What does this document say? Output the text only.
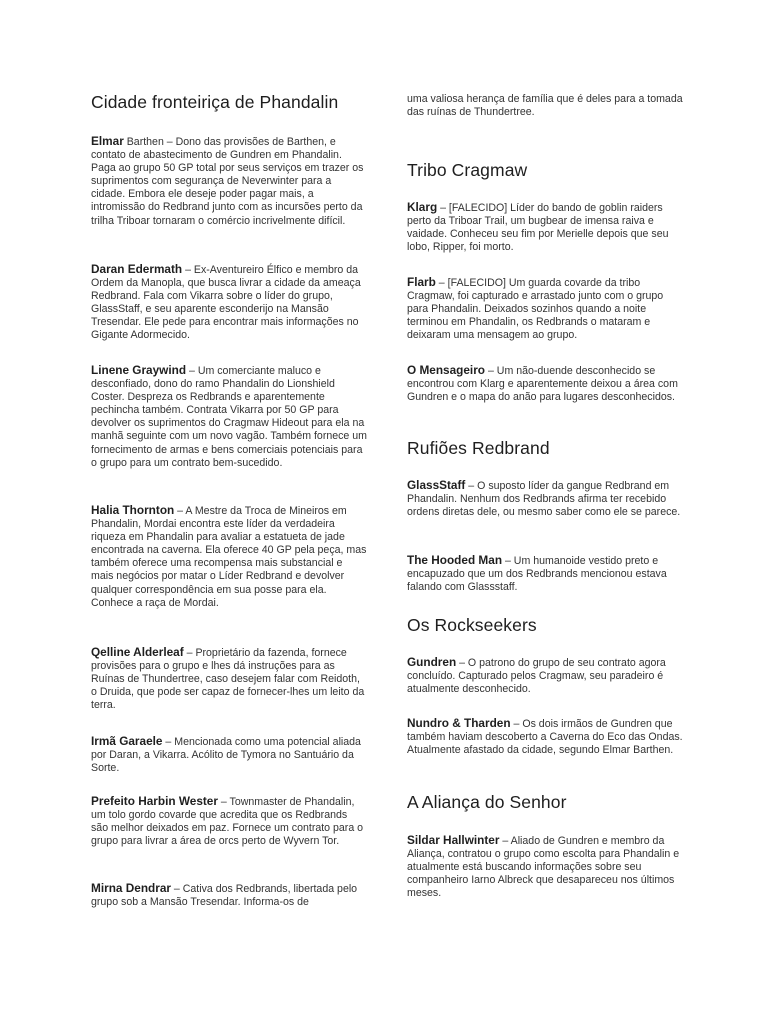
Cidade fronteiriça de Phandalin

Elmar Barthen – Dono das provisões de Barthen, e contato de abastecimento de Gundren em Phandalin. Paga ao grupo 50 GP total por seus serviços em trazer os suprimentos com segurança de Neverwinter para a cidade. Embora ele deseje poder pagar mais, a intromissão do Redbrand junto com as incursões perto da trilha Triboar tornaram o comércio incrivelmente difícil.

Daran Edermath – Ex-Aventureiro Élfico e membro da Ordem da Manopla, que busca livrar a cidade da ameaça Redbrand. Fala com Vikarra sobre o líder do grupo, GlassStaff, e seu aparente esconderijo na Mansão Tresendar. Ele pede para encontrar mais informações no Gigante Adormecido.

Linene Graywind – Um comerciante maluco e desconfiado, dono do ramo Phandalin do Lionshield Coster. Despreza os Redbrands e aparentemente pechincha também. Contrata Vikarra por 50 GP para devolver os suprimentos do Cragmaw Hideout para ela na manhã seguinte com um novo vagão. Também fornece um fornecimento de armas e bens comerciais potenciais para o grupo para um contrato bem-sucedido.

Halia Thornton – A Mestre da Troca de Mineiros em Phandalin, Mordai encontra este líder da verdadeira riqueza em Phandalin para avaliar a estatueta de jade encontrada na caverna. Ela oferece 40 GP pela peça, mas também oferece uma recompensa mais substancial e mais negócios por matar o Líder Redbrand e devolver qualquer correspondência em sua posse para ela. Conhece a raça de Mordai.

Qelline Alderleaf – Proprietário da fazenda, fornece provisões para o grupo e lhes dá instruções para as Ruínas de Thundertree, caso desejem falar com Reidoth, o Druida, que pode ser capaz de fornecer-lhes um leito da terra.

Irmã Garaele – Mencionada como uma potencial aliada por Daran, a Vikarra. Acólito de Tymora no Santuário da Sorte.

Prefeito Harbin Wester – Townmaster de Phandalin, um tolo gordo covarde que acredita que os Redbrands são melhor deixados em paz. Fornece um contrato para o grupo para livrar a área de orcs perto de Wyvern Tor.

Mirna Dendrar – Cativa dos Redbrands, libertada pelo grupo sob a Mansão Tresendar. Informa-os de

uma valiosa herança de família que é deles para a tomada das ruínas de Thundertree.

Tribo Cragmaw

Klarg – [FALECIDO] Líder do bando de goblin raiders perto da Triboar Trail, um bugbear de imensa raiva e vaidade. Conheceu seu fim por Merielle depois que seu lobo, Ripper, foi morto.

Flarb – [FALECIDO] Um guarda covarde da tribo Cragmaw, foi capturado e arrastado junto com o grupo para Phandalin. Deixados sozinhos quando a noite terminou em Phandalin, os Redbrands o mataram e deixaram uma mensagem ao grupo.

O Mensageiro – Um não-duende desconhecido se encontrou com Klarg e aparentemente deixou a área com Gundren e o mapa do anão para lugares desconhecidos.

Rufiões Redbrand

GlassStaff – O suposto líder da gangue Redbrand em Phandalin. Nenhum dos Redbrands afirma ter recebido ordens diretas dele, ou mesmo saber como ele se parece.

The Hooded Man – Um humanoide vestido preto e encapuzado que um dos Redbrands mencionou estava falando com Glassstaff.

Os Rockseekers

Gundren – O patrono do grupo de seu contrato agora concluído. Capturado pelos Cragmaw, seu paradeiro é atualmente desconhecido.

Nundro & Tharden – Os dois irmãos de Gundren que também haviam descoberto a Caverna do Eco das Ondas. Atualmente afastado da cidade, segundo Elmar Barthen.

A Aliança do Senhor

Sildar Hallwinter – Aliado de Gundren e membro da Aliança, contratou o grupo como escolta para Phandalin e atualmente está buscando informações sobre seu companheiro Iarno Albreck que desapareceu nos últimos meses.
